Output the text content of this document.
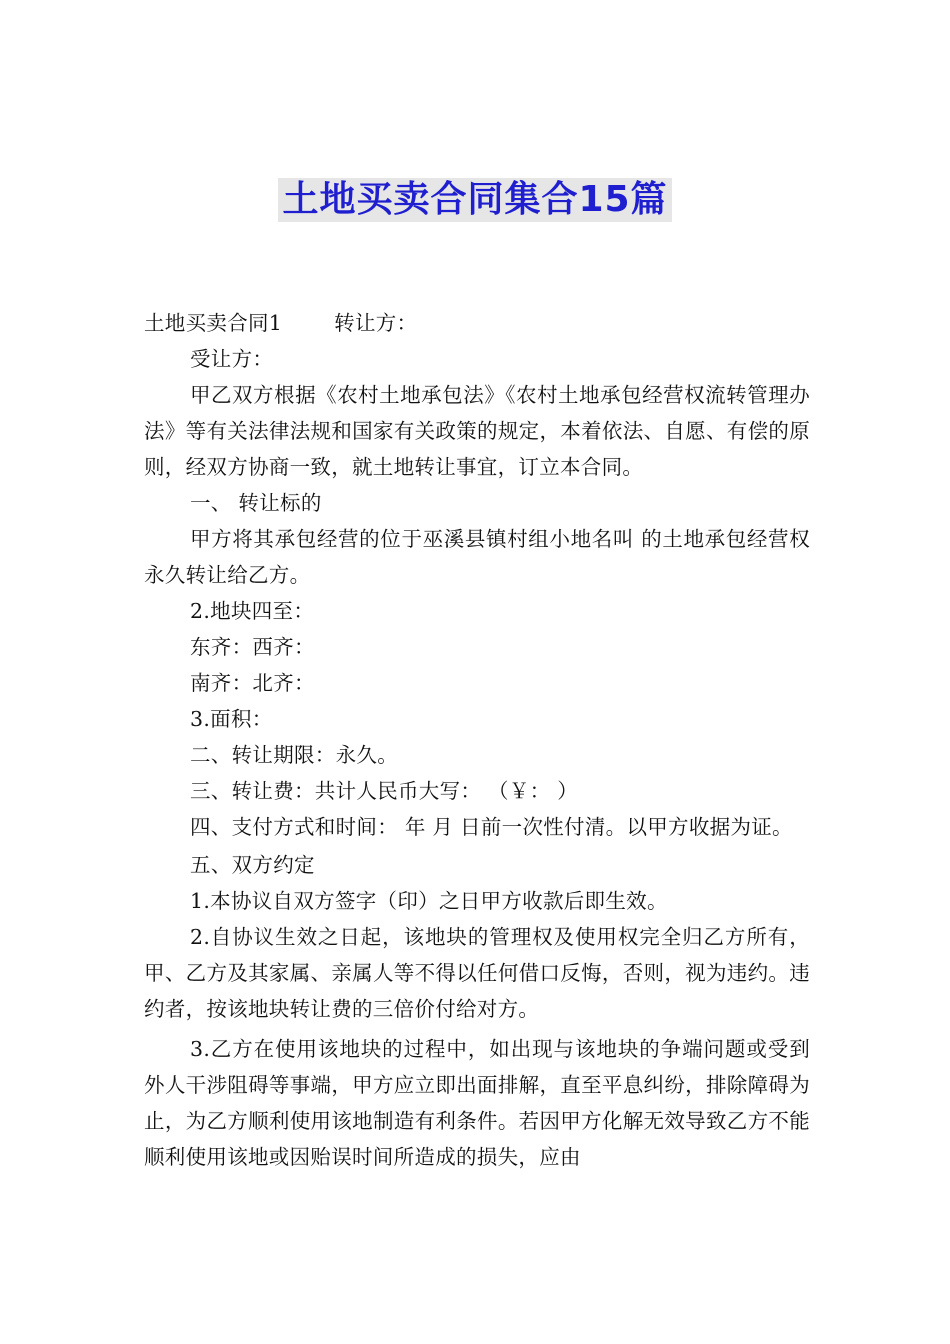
土地买卖合同集合15篇

土地买卖合同1	转让方：

受让方：

甲乙双方根据《农村土地承包法》《农村土地承包经营权流转管理办法》等有关法律法规和国家有关政策的规定，本着依法、自愿、有偿的原则，经双方协商一致，就土地转让事宜，订立本合同。

一、 转让标的

甲方将其承包经营的位于巫溪县镇村组小地名叫 的土地承包经营权永久转让给乙方。

2.地块四至：

东齐：西齐：

南齐：北齐：

3.面积：

二、转让期限：永久。

三、转让费：共计人民币大写： （￥： ）

四、支付方式和时间： 年 月 日前一次性付清。以甲方收据为证。

五、双方约定

1.本协议自双方签字（印）之日甲方收款后即生效。

2.自协议生效之日起，该地块的管理权及使用权完全归乙方所有，甲、乙方及其家属、亲属人等不得以任何借口反悔，否则，视为违约。违约者，按该地块转让费的三倍价付给对方。

3.乙方在使用该地块的过程中，如出现与该地块的争端问题或受到外人干涉阻碍等事端，甲方应立即出面排解，直至平息纠纷，排除障碍为止，为乙方顺利使用该地制造有利条件。若因甲方化解无效导致乙方不能顺利使用该地或因贻误时间所造成的损失，应由
